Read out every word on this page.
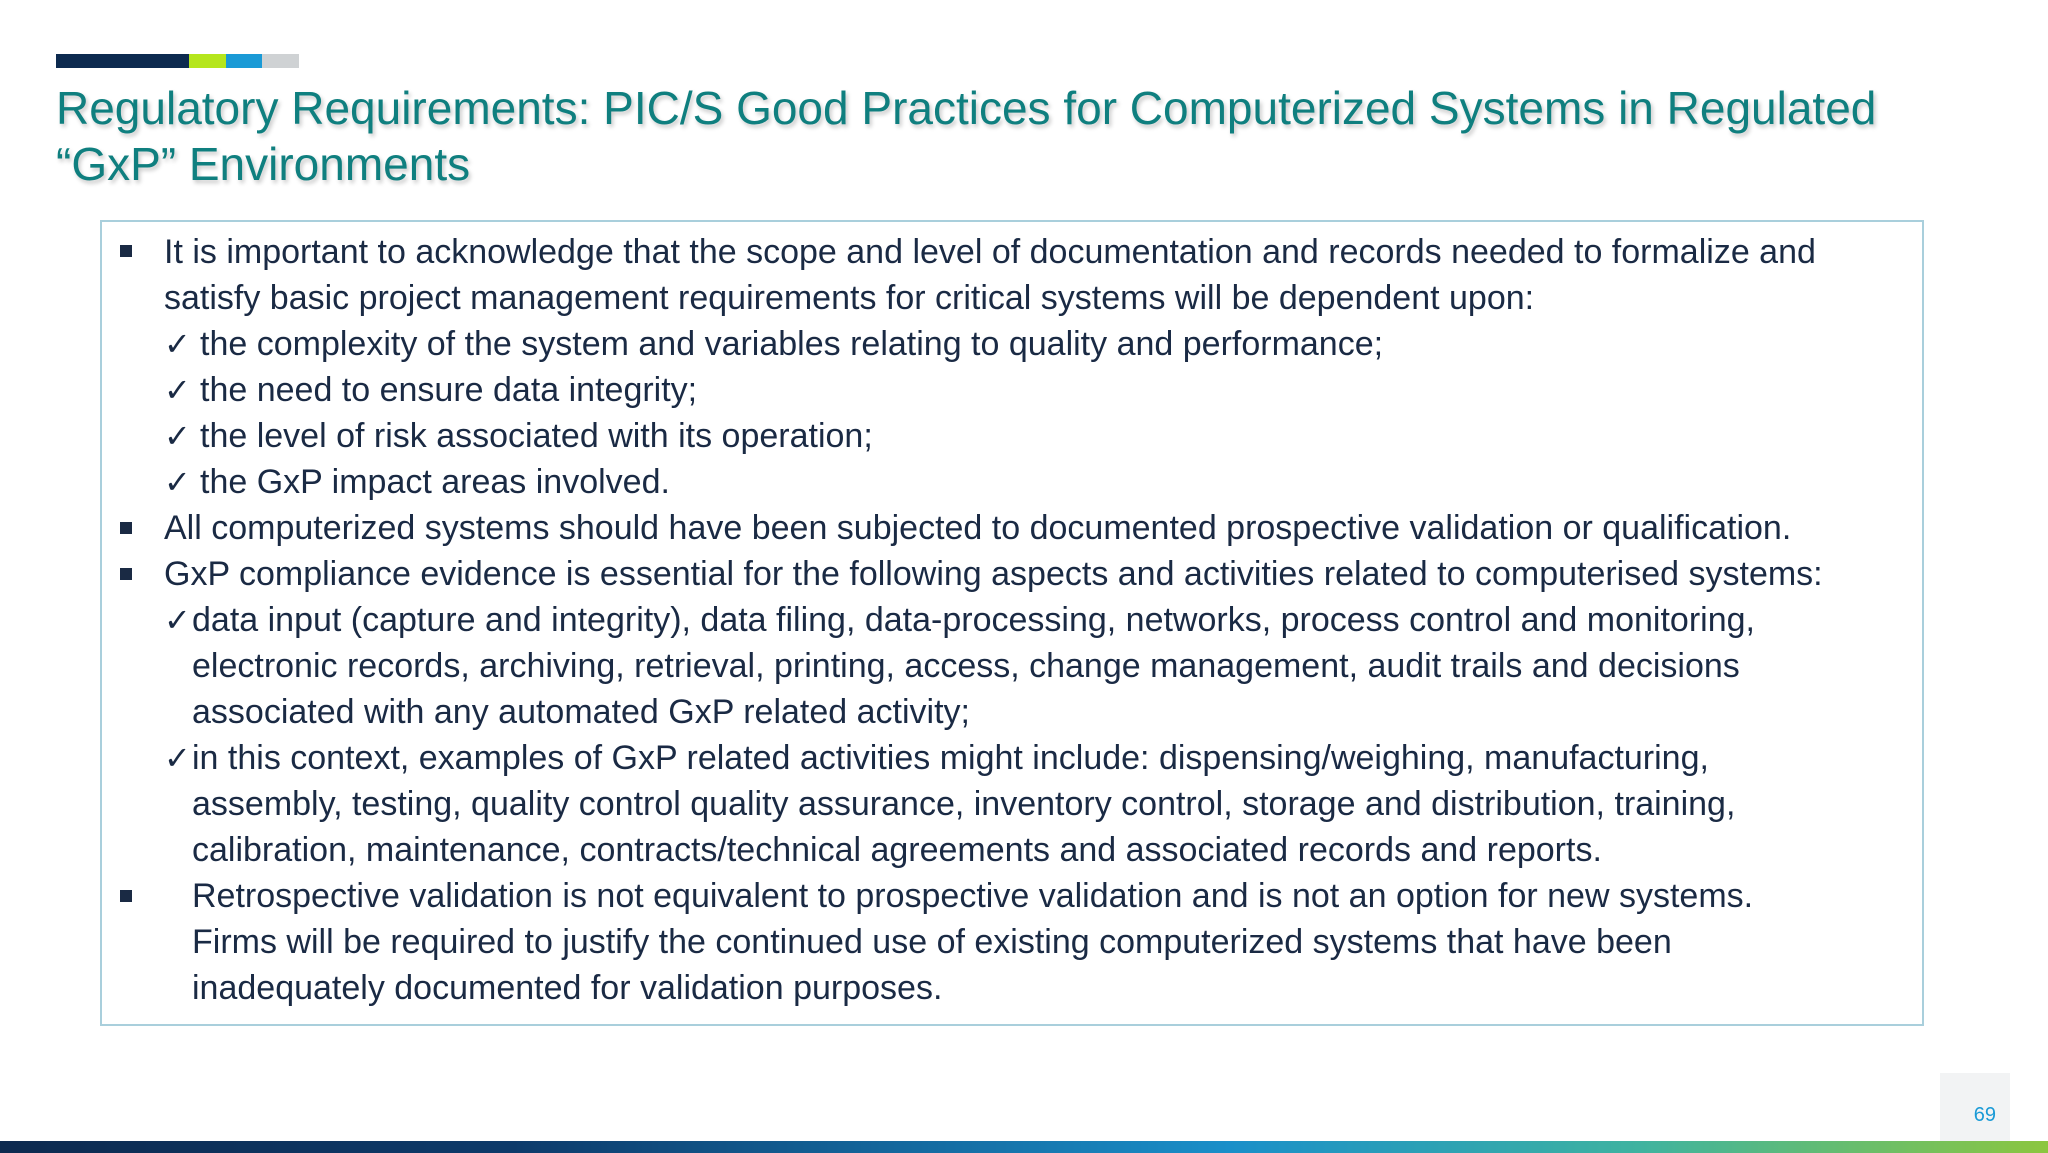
Regulatory Requirements: PIC/S Good Practices for Computerized Systems in Regulated
“GxP” Environments
It is important to acknowledge that the scope and level of documentation and records needed to formalize and
satisfy basic project management requirements for critical systems will be dependent upon:
✓ the complexity of the system and variables relating to quality and performance;
✓ the need to ensure data integrity;
✓ the level of risk associated with its operation;
✓ the GxP impact areas involved.
All computerized systems should have been subjected to documented prospective validation or qualification.
GxP compliance evidence is essential for the following aspects and activities related to computerised systems:
✓ data input (capture and integrity), data filing, data-processing, networks, process control and monitoring,
electronic records, archiving, retrieval, printing, access, change management, audit trails and decisions
associated with any automated GxP related activity;
✓ in this context, examples of GxP related activities might include: dispensing/weighing, manufacturing,
assembly, testing, quality control quality assurance, inventory control, storage and distribution, training,
calibration, maintenance, contracts/technical agreements and associated records and reports.
Retrospective validation is not equivalent to prospective validation and is not an option for new systems.
Firms will be required to justify the continued use of existing computerized systems that have been
inadequately documented for validation purposes.
69
